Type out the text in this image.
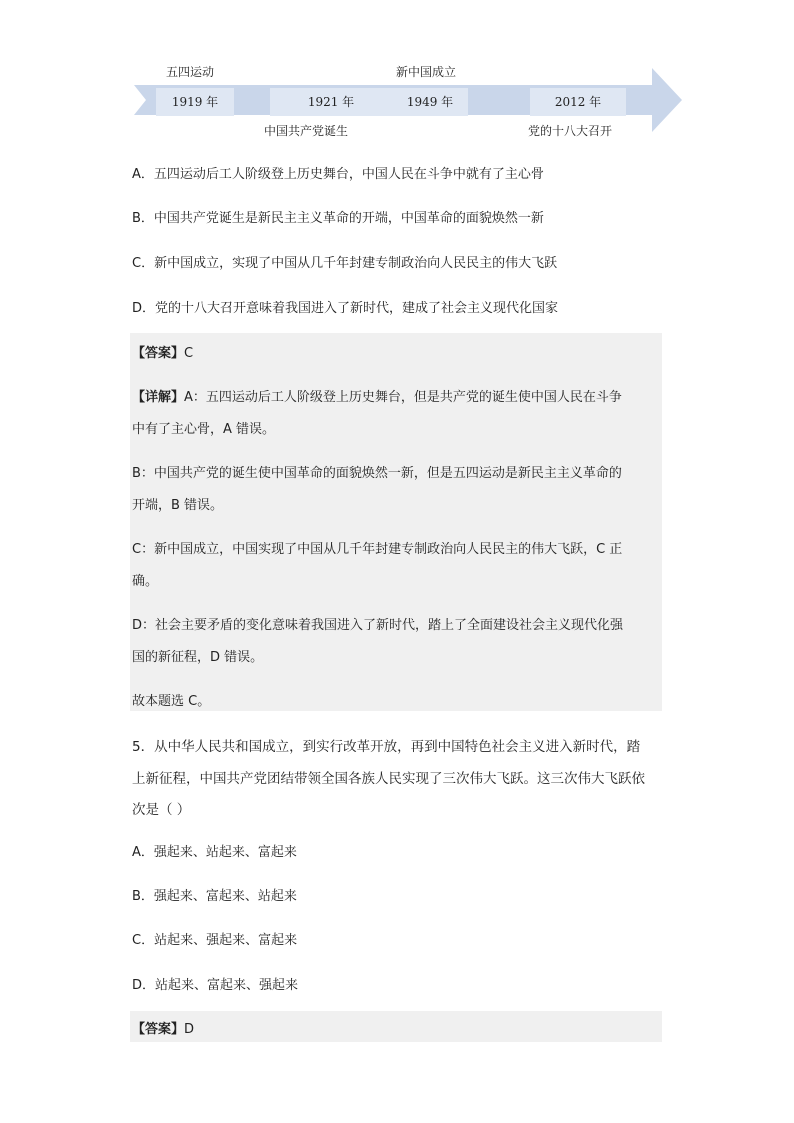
五四运动	新中国成立
1919 年	1921 年	1949 年	2012 年
中国共产党诞生	党的十八大召开
A．五四运动后工人阶级登上历史舞台，中国人民在斗争中就有了主心骨
B．中国共产党诞生是新民主主义革命的开端，中国革命的面貌焕然一新
C．新中国成立，实现了中国从几千年封建专制政治向人民民主的伟大飞跃
D．党的十八大召开意味着我国进入了新时代，建成了社会主义现代化国家
【答案】C
【详解】A：五四运动后工人阶级登上历史舞台，但是共产党的诞生使中国人民在斗争
中有了主心骨，A 错误。
B：中国共产党的诞生使中国革命的面貌焕然一新，但是五四运动是新民主主义革命的
开端，B 错误。
C：新中国成立，中国实现了中国从几千年封建专制政治向人民民主的伟大飞跃，C 正
确。
D：社会主要矛盾的变化意味着我国进入了新时代，踏上了全面建设社会主义现代化强
国的新征程，D 错误。
故本题选 C。
5．从中华人民共和国成立，到实行改革开放，再到中国特色社会主义进入新时代，踏
上新征程，中国共产党团结带领全国各族人民实现了三次伟大飞跃。这三次伟大飞跃依
次是（ ）
A．强起来、站起来、富起来
B．强起来、富起来、站起来
C．站起来、强起来、富起来
D．站起来、富起来、强起来
【答案】D
